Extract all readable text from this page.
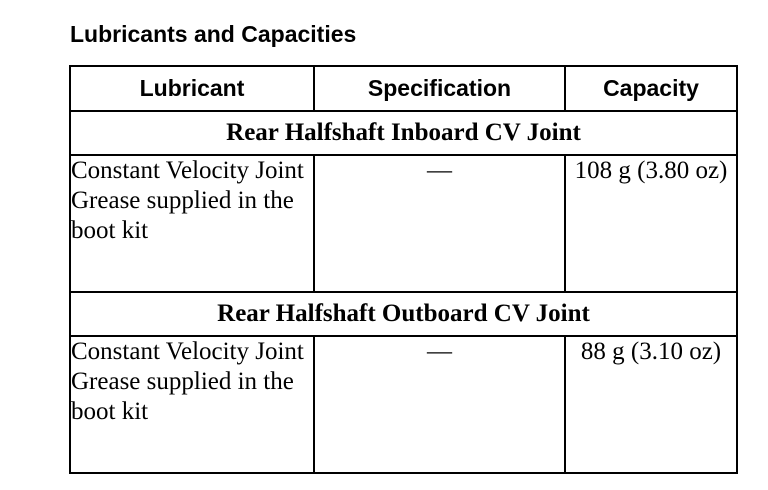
Lubricants and Capacities
Lubricant	Specification	Capacity
Rear Halfshaft Inboard CV Joint		
Constant Velocity Joint Grease supplied in the boot kit	—	108 g (3.80 oz)
Rear Halfshaft Outboard CV Joint		
Constant Velocity Joint Grease supplied in the boot kit	—	88 g (3.10 oz)
